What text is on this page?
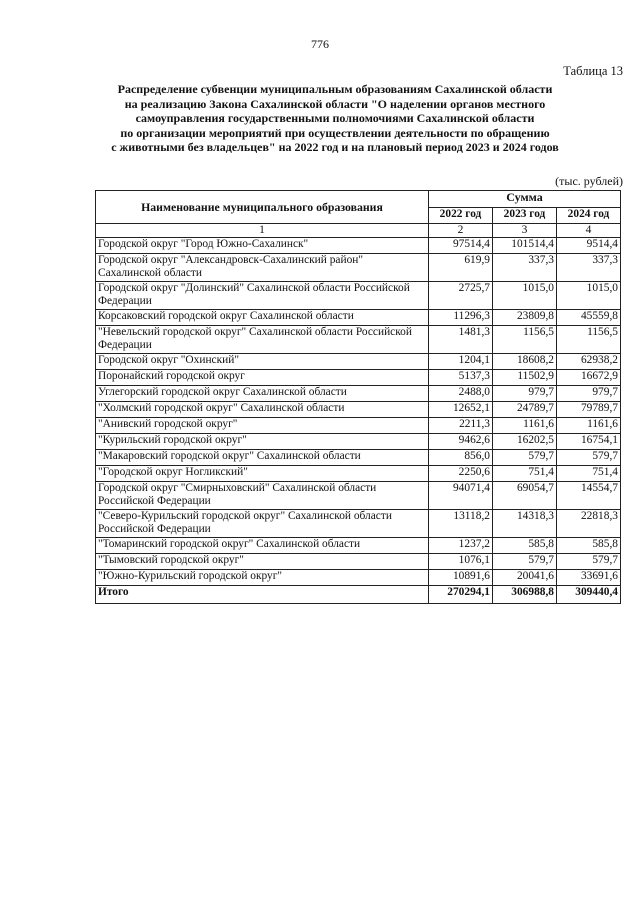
776
Таблица 13
Распределение субвенции муниципальным образованиям Сахалинской области
на реализацию Закона Сахалинской области "О наделении органов местного
самоуправления государственными полномочиями Сахалинской области
по организации мероприятий при осуществлении деятельности по обращению
с животными без владельцев" на 2022 год и на плановый период 2023 и 2024 годов
(тыс. рублей)
Наименование муниципального образования	Сумма		
	2022 год	2023 год	2024 год
1	2	3	4
Городской округ "Город Южно-Сахалинск"	97514,4	101514,4	9514,4
Городской округ "Александровск-Сахалинский район" Сахалинской области	619,9	337,3	337,3
Городской округ "Долинский" Сахалинской области Российской Федерации	2725,7	1015,0	1015,0
Корсаковский городской округ Сахалинской области	11296,3	23809,8	45559,8
"Невельский городской округ" Сахалинской области Российской Федерации	1481,3	1156,5	1156,5
Городской округ "Охинский"	1204,1	18608,2	62938,2
Поронайский городской округ	5137,3	11502,9	16672,9
Углегорский городской округ Сахалинской области	2488,0	979,7	979,7
"Холмский городской округ" Сахалинской области	12652,1	24789,7	79789,7
"Анивский городской округ"	2211,3	1161,6	1161,6
"Курильский городской округ"	9462,6	16202,5	16754,1
"Макаровский городской округ" Сахалинской области	856,0	579,7	579,7
"Городской округ Ногликский"	2250,6	751,4	751,4
Городской округ "Смирныховский" Сахалинской области Российской Федерации	94071,4	69054,7	14554,7
"Северо-Курильский городской округ" Сахалинской области Российской Федерации	13118,2	14318,3	22818,3
"Томаринский городской округ" Сахалинской области	1237,2	585,8	585,8
"Тымовский городской округ"	1076,1	579,7	579,7
"Южно-Курильский городской округ"	10891,6	20041,6	33691,6
Итого	270294,1	306988,8	309440,4
